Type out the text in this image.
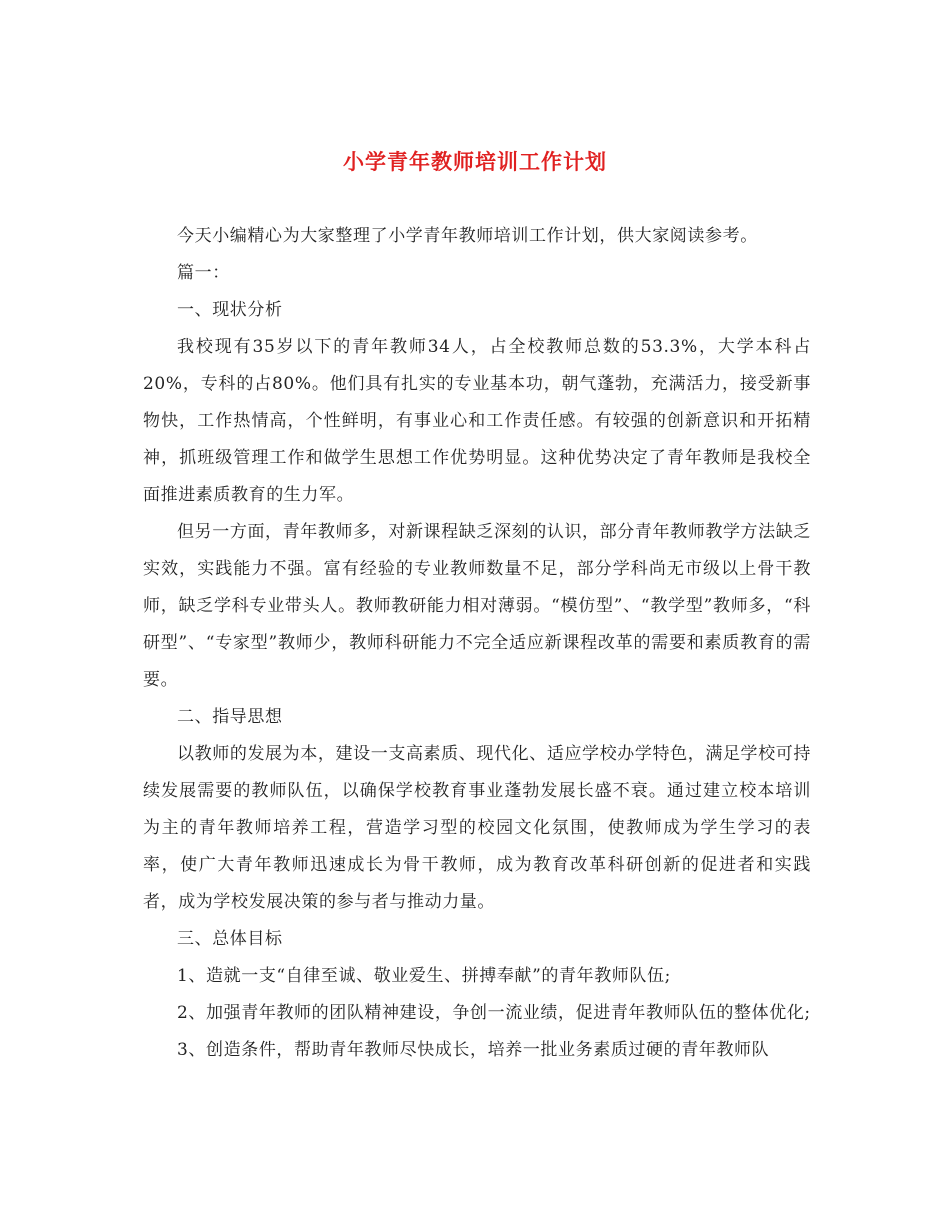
小学青年教师培训工作计划

今天小编精心为大家整理了小学青年教师培训工作计划，供大家阅读参考。

篇一：

一、现状分析

我校现有35岁以下的青年教师34人，占全校教师总数的53.3%，大学本科占20%，专科的占80%。他们具有扎实的专业基本功，朝气蓬勃，充满活力，接受新事物快，工作热情高，个性鲜明，有事业心和工作责任感。有较强的创新意识和开拓精神，抓班级管理工作和做学生思想工作优势明显。这种优势决定了青年教师是我校全面推进素质教育的生力军。

但另一方面，青年教师多，对新课程缺乏深刻的认识，部分青年教师教学方法缺乏实效，实践能力不强。富有经验的专业教师数量不足，部分学科尚无市级以上骨干教师，缺乏学科专业带头人。教师教研能力相对薄弱。“模仿型”、“教学型”教师多，“科研型”、“专家型”教师少，教师科研能力不完全适应新课程改革的需要和素质教育的需要。

二、指导思想

以教师的发展为本，建设一支高素质、现代化、适应学校办学特色，满足学校可持续发展需要的教师队伍，以确保学校教育事业蓬勃发展长盛不衰。通过建立校本培训为主的青年教师培养工程，营造学习型的校园文化氛围，使教师成为学生学习的表率，使广大青年教师迅速成长为骨干教师，成为教育改革科研创新的促进者和实践者，成为学校发展决策的参与者与推动力量。

三、总体目标

1、造就一支“自律至诚、敬业爱生、拼搏奉献”的青年教师队伍;

2、加强青年教师的团队精神建设，争创一流业绩，促进青年教师队伍的整体优化;

3、创造条件，帮助青年教师尽快成长，培养一批业务素质过硬的青年教师队
